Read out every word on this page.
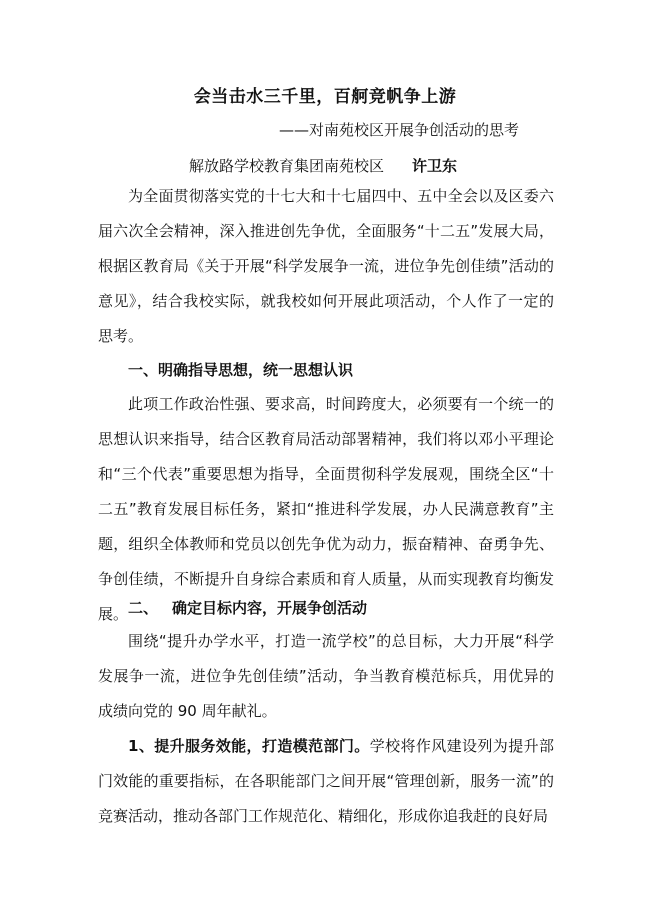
会当击水三千里，百舸竞帆争上游
——对南苑校区开展争创活动的思考
解放路学校教育集团南苑校区 许卫东

为全面贯彻落实党的十七大和十七届四中、五中全会以及区委六届六次全会精神，深入推进创先争优，全面服务“十二五”发展大局，根据区教育局《关于开展“科学发展争一流，进位争先创佳绩”活动的意见》，结合我校实际，就我校如何开展此项活动，个人作了一定的思考。

一、明确指导思想，统一思想认识

此项工作政治性强、要求高，时间跨度大，必须要有一个统一的思想认识来指导，结合区教育局活动部署精神，我们将以邓小平理论和“三个代表”重要思想为指导，全面贯彻科学发展观，围绕全区“十二五”教育发展目标任务，紧扣“推进科学发展，办人民满意教育”主题，组织全体教师和党员以创先争优为动力，振奋精神、奋勇争先、争创佳绩，不断提升自身综合素质和育人质量，从而实现教育均衡发展。 二、 确定目标内容，开展争创活动

围绕“提升办学水平，打造一流学校”的总目标，大力开展“科学发展争一流，进位争先创佳绩”活动，争当教育模范标兵，用优异的成绩向党的 90 周年献礼。

1、提升服务效能，打造模范部门。学校将作风建设列为提升部门效能的重要指标，在各职能部门之间开展“管理创新，服务一流”的竞赛活动，推动各部门工作规范化、精细化，形成你追我赶的良好局
